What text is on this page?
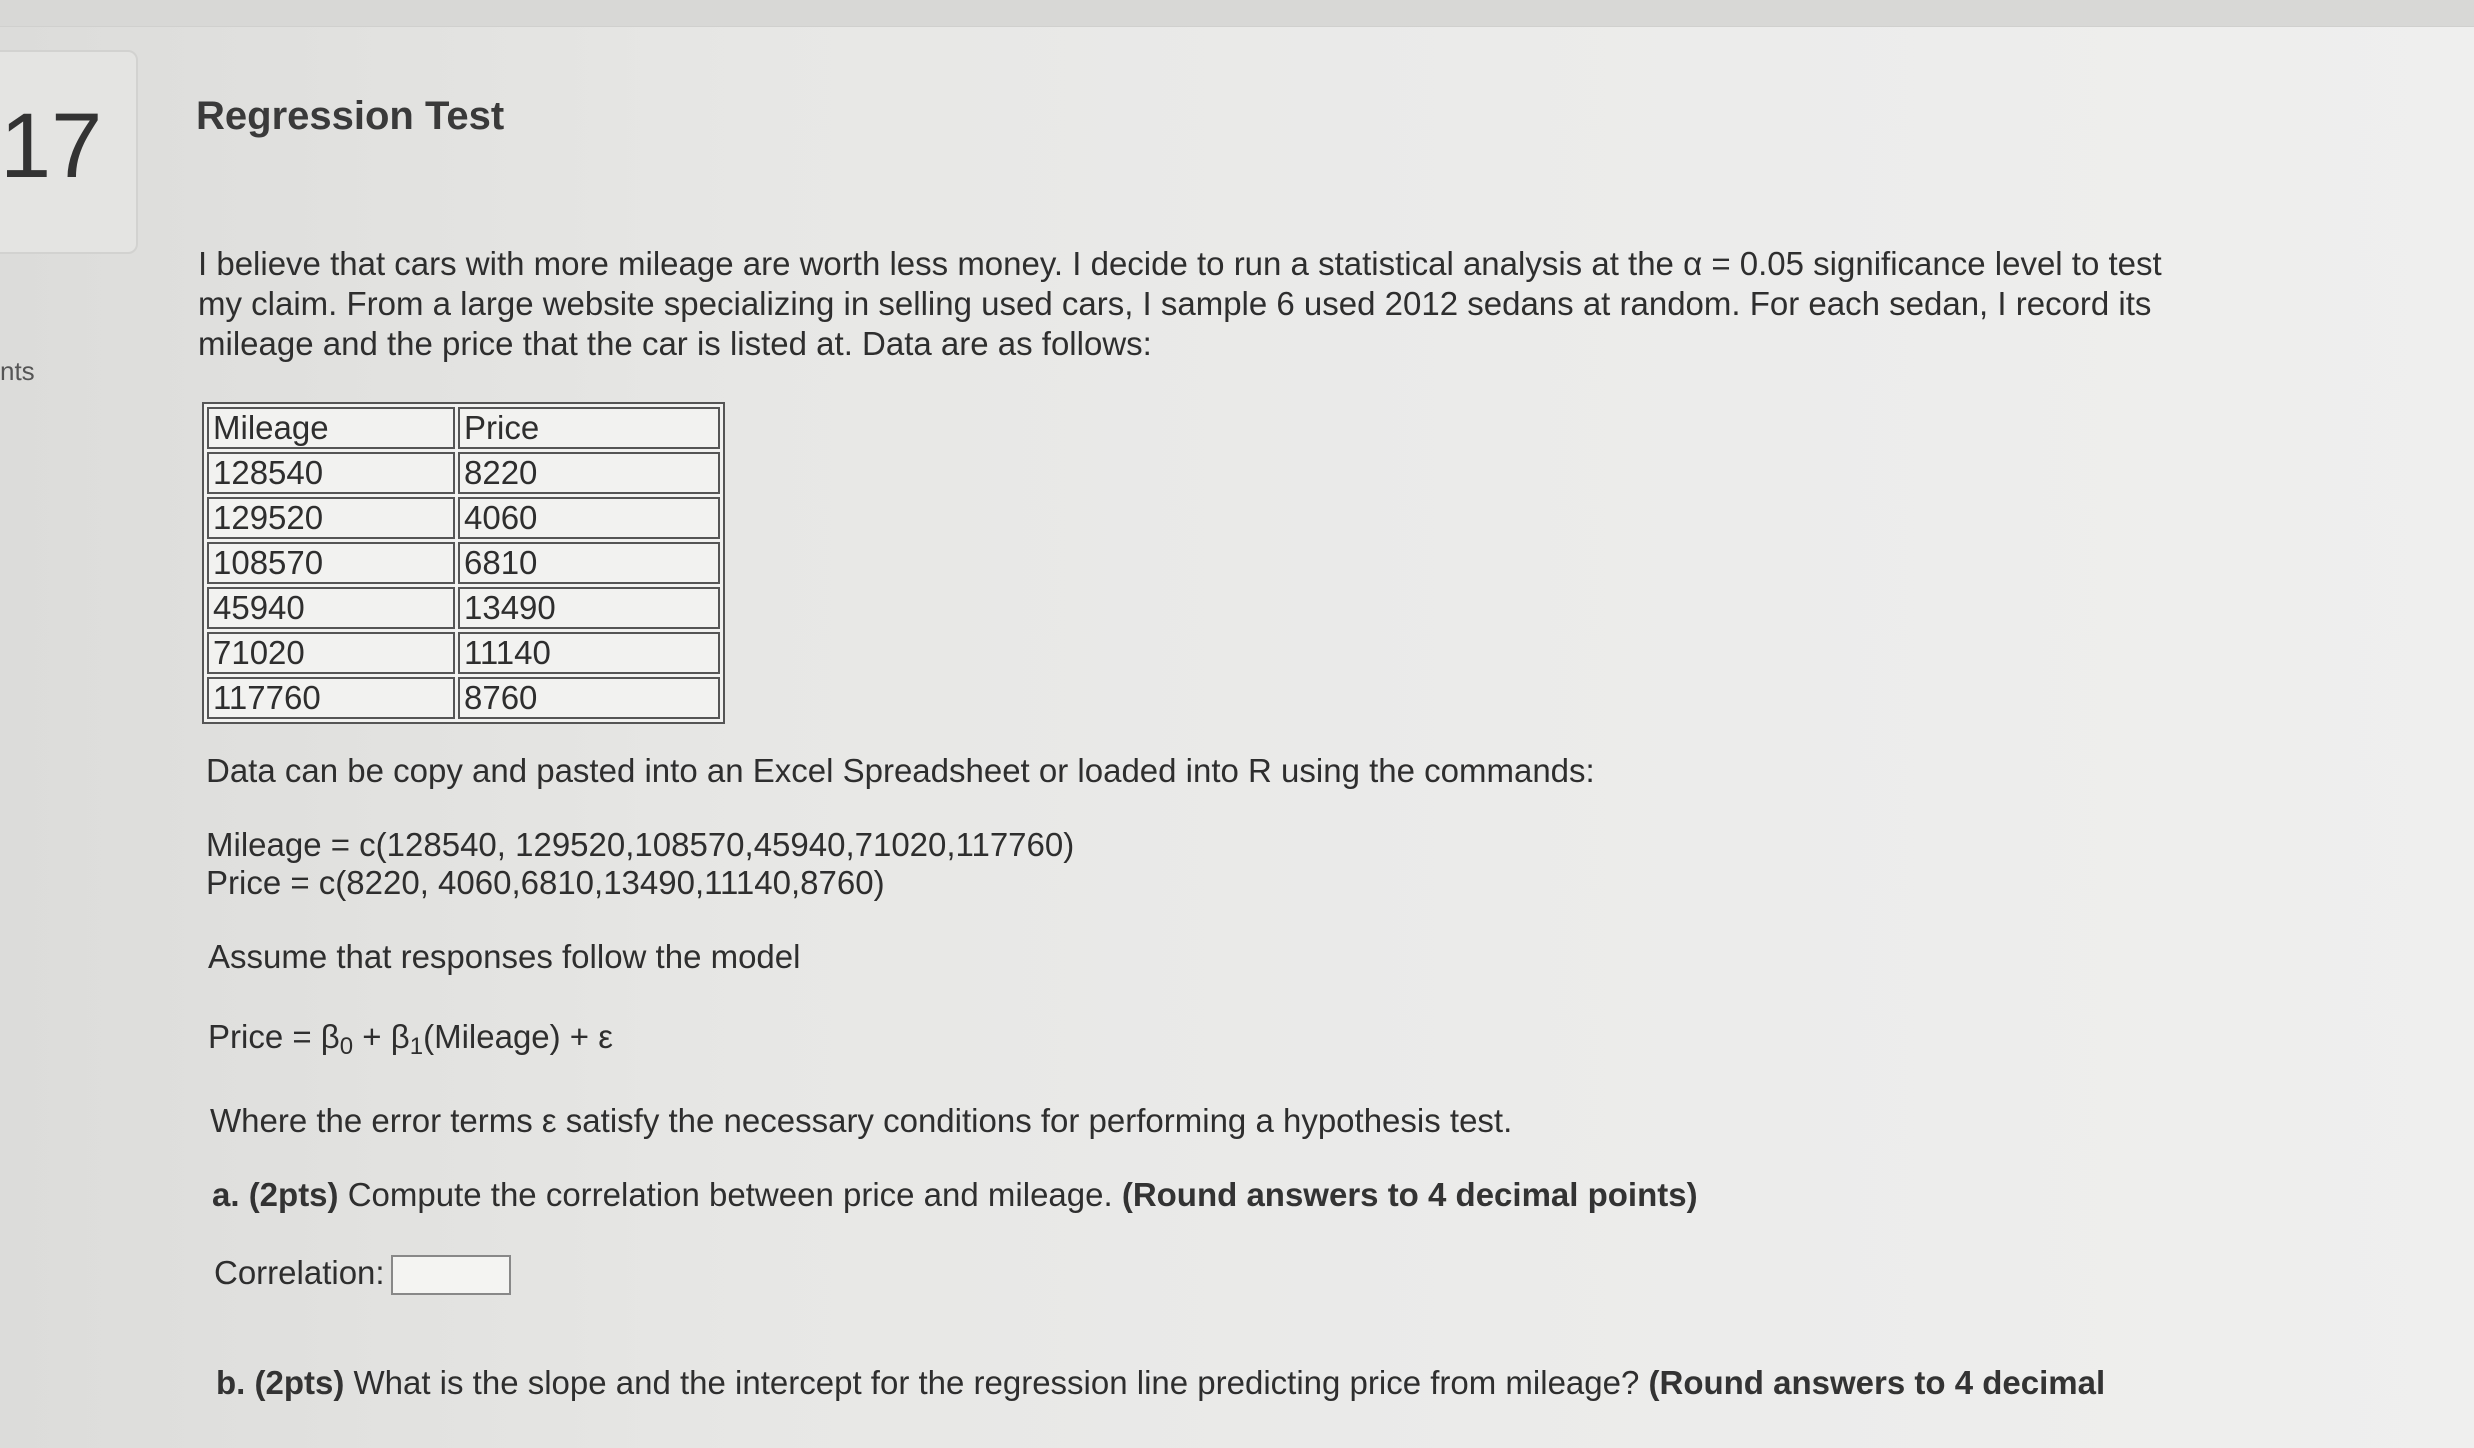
17
nts
Regression Test
I believe that cars with more mileage are worth less money. I decide to run a statistical analysis at the α = 0.05 significance level to test my claim. From a large website specializing in selling used cars, I sample 6 used 2012 sedans at random. For each sedan, I record its mileage and the price that the car is listed at. Data are as follows:
Mileage	Price
128540	8220
129520	4060
108570	6810
45940	13490
71020	11140
117760	8760
Data can be copy and pasted into an Excel Spreadsheet or loaded into R using the commands:
Mileage = c(128540, 129520,108570,45940,71020,117760)
Price = c(8220, 4060,6810,13490,11140,8760)
Assume that responses follow the model
Price = $\beta_0$ + $\beta_1(Mileage) + \varepsilon$
Where the error terms ε satisfy the necessary conditions for performing a hypothesis test.
a. (2pts) Compute the correlation between price and mileage. (Round answers to 4 decimal points)
Correlation:
b. (2pts) What is the slope and the intercept for the regression line predicting price from mileage? (Round answers to 4 decimal
